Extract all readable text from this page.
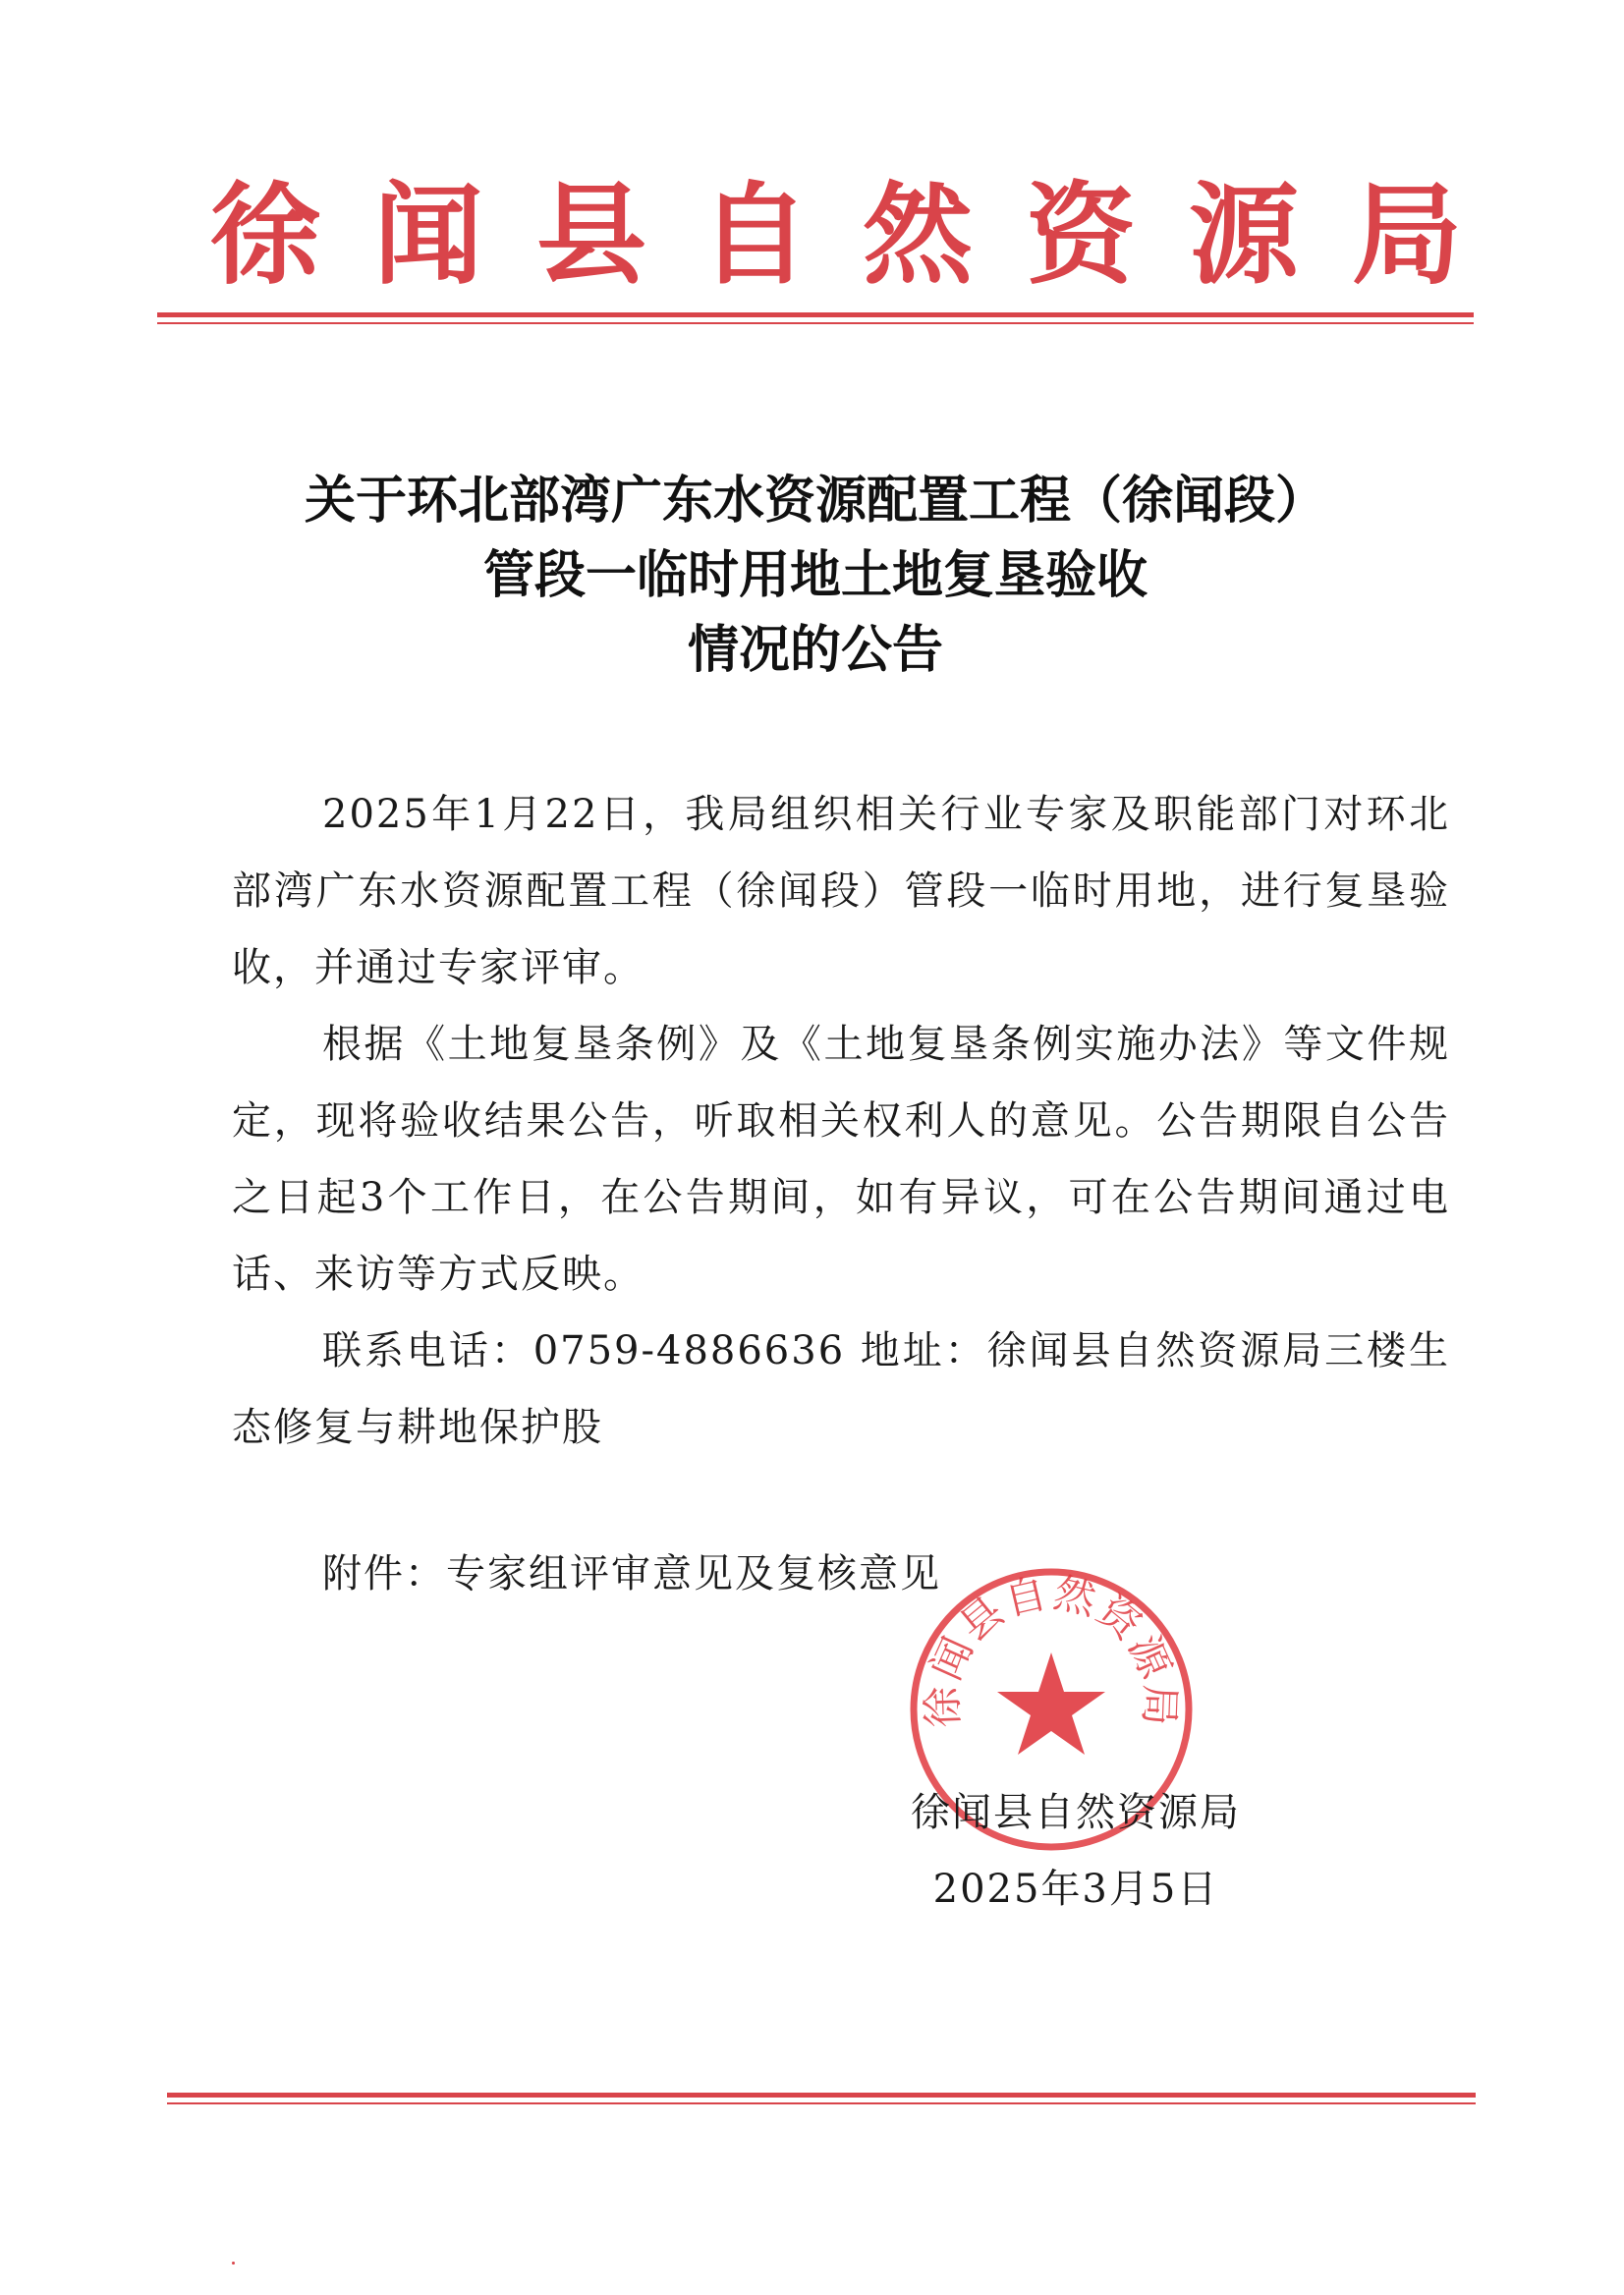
徐闻县自然资源局
关于环北部湾广东水资源配置工程（徐闻段）
管段一临时用地土地复垦验收
情况的公告

2025年1月22日，我局组织相关行业专家及职能部门对环北部湾广东水资源配置工程（徐闻段）管段一临时用地，进行复垦验收，并通过专家评审。

根据《土地复垦条例》及《土地复垦条例实施办法》等文件规定，现将验收结果公告，听取相关权利人的意见。公告期限自公告之日起3个工作日，在公告期间，如有异议，可在公告期间通过电话、来访等方式反映。

联系电话：0759-4886636 地址：徐闻县自然资源局三楼生态修复与耕地保护股

附件：专家组评审意见及复核意见
徐闻县自然资源局
徐闻县自然资源局
2025年3月5日
